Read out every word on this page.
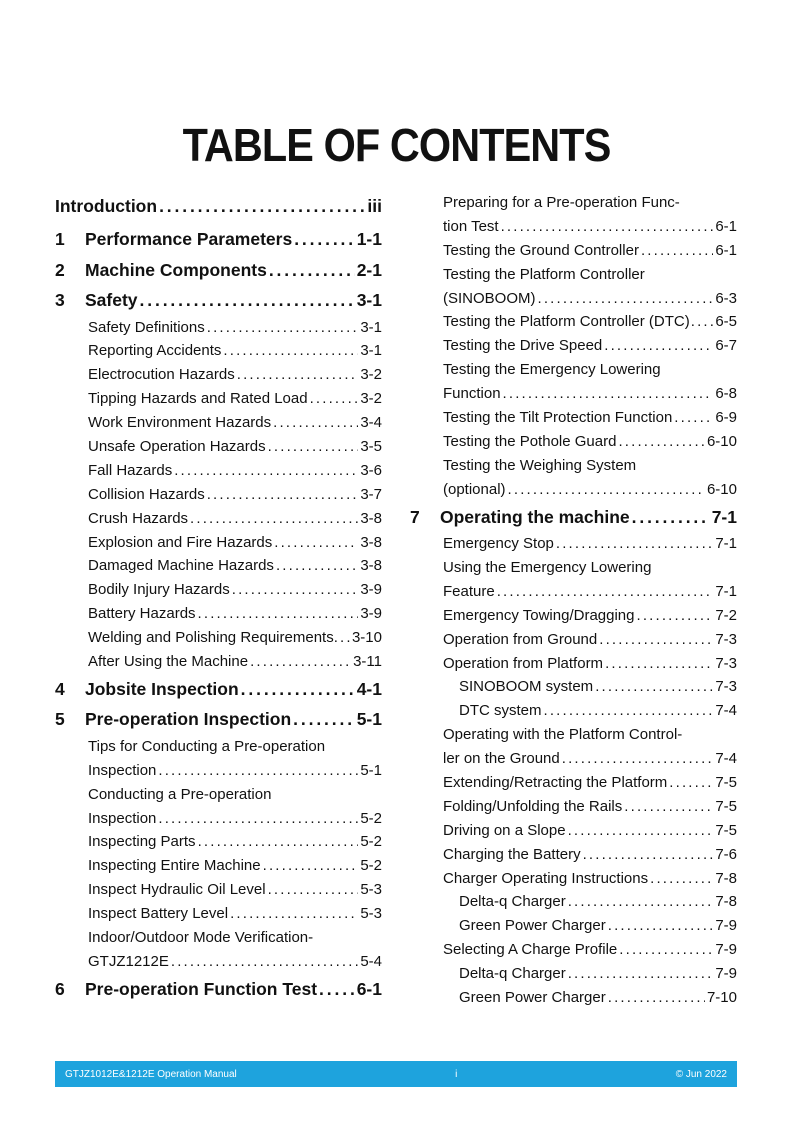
TABLE OF CONTENTS
Introduction . . .	iii
1 Performance Parameters . . .	1-1
2 Machine Components . . .	2-1
3 Safety . . .	3-1
Safety Definitions . . .	3-1
Reporting Accidents . . .	3-1
Electrocution Hazards . . .	3-2
Tipping Hazards and Rated Load . . .	3-2
Work Environment Hazards . . .	3-4
Unsafe Operation Hazards . . .	3-5
Fall Hazards . . .	3-6
Collision Hazards . . .	3-7
Crush Hazards . . .	3-8
Explosion and Fire Hazards . . .	3-8
Damaged Machine Hazards . . .	3-8
Bodily Injury Hazards . . .	3-9
Battery Hazards . . .	3-9
Welding and Polishing Requirements . . . 3-10
After Using the Machine . . .	3-11
4 Jobsite Inspection . . .	4-1
5 Pre-operation Inspection . . .	5-1
Tips for Conducting a Pre-operation
Inspection . . .	5-1
Conducting a Pre-operation
Inspection . . .	5-2
Inspecting Parts . . .	5-2
Inspecting Entire Machine . . .	5-2
Inspect Hydraulic Oil Level . . .	5-3
Inspect Battery Level . . .	5-3
Indoor/Outdoor Mode Verification-
GTJZ1212E . . .	5-4
6 Pre-operation Function Test . . . 6-1
Preparing for a Pre-operation Func-
tion Test . . .	6-1
Testing the Ground Controller . . .	6-1
Testing the Platform Controller
(SINOBOOM) . . .	6-3
Testing the Platform Controller (DTC) . . . 6-5
Testing the Drive Speed . . .	6-7
Testing the Emergency Lowering
Function . . .	6-8
Testing the Tilt Protection Function . . .	6-9
Testing the Pothole Guard . . .	6-10
Testing the Weighing System
(optional) . . .	6-10
7 Operating the machine . . .	7-1
Emergency Stop . . .	7-1
Using the Emergency Lowering
Feature . . .	7-1
Emergency Towing/Dragging . . .	7-2
Operation from Ground . . .	7-3
Operation from Platform . . .	7-3
SINOBOOM system . . .	7-3
DTC system . . .	7-4
Operating with the Platform Control-
ler on the Ground . . .	7-4
Extending/Retracting the Platform . . .	7-5
Folding/Unfolding the Rails . . .	7-5
Driving on a Slope . . .	7-5
Charging the Battery . . .	7-6
Charger Operating Instructions . . .	7-8
Delta-q Charger . . .	7-8
Green Power Charger . . .	7-9
Selecting A Charge Profile . . .	7-9
Delta-q Charger . . .	7-9
Green Power Charger . . .	7-10
GTJZ1012E&1212E Operation Manual	i	© Jun 2022
